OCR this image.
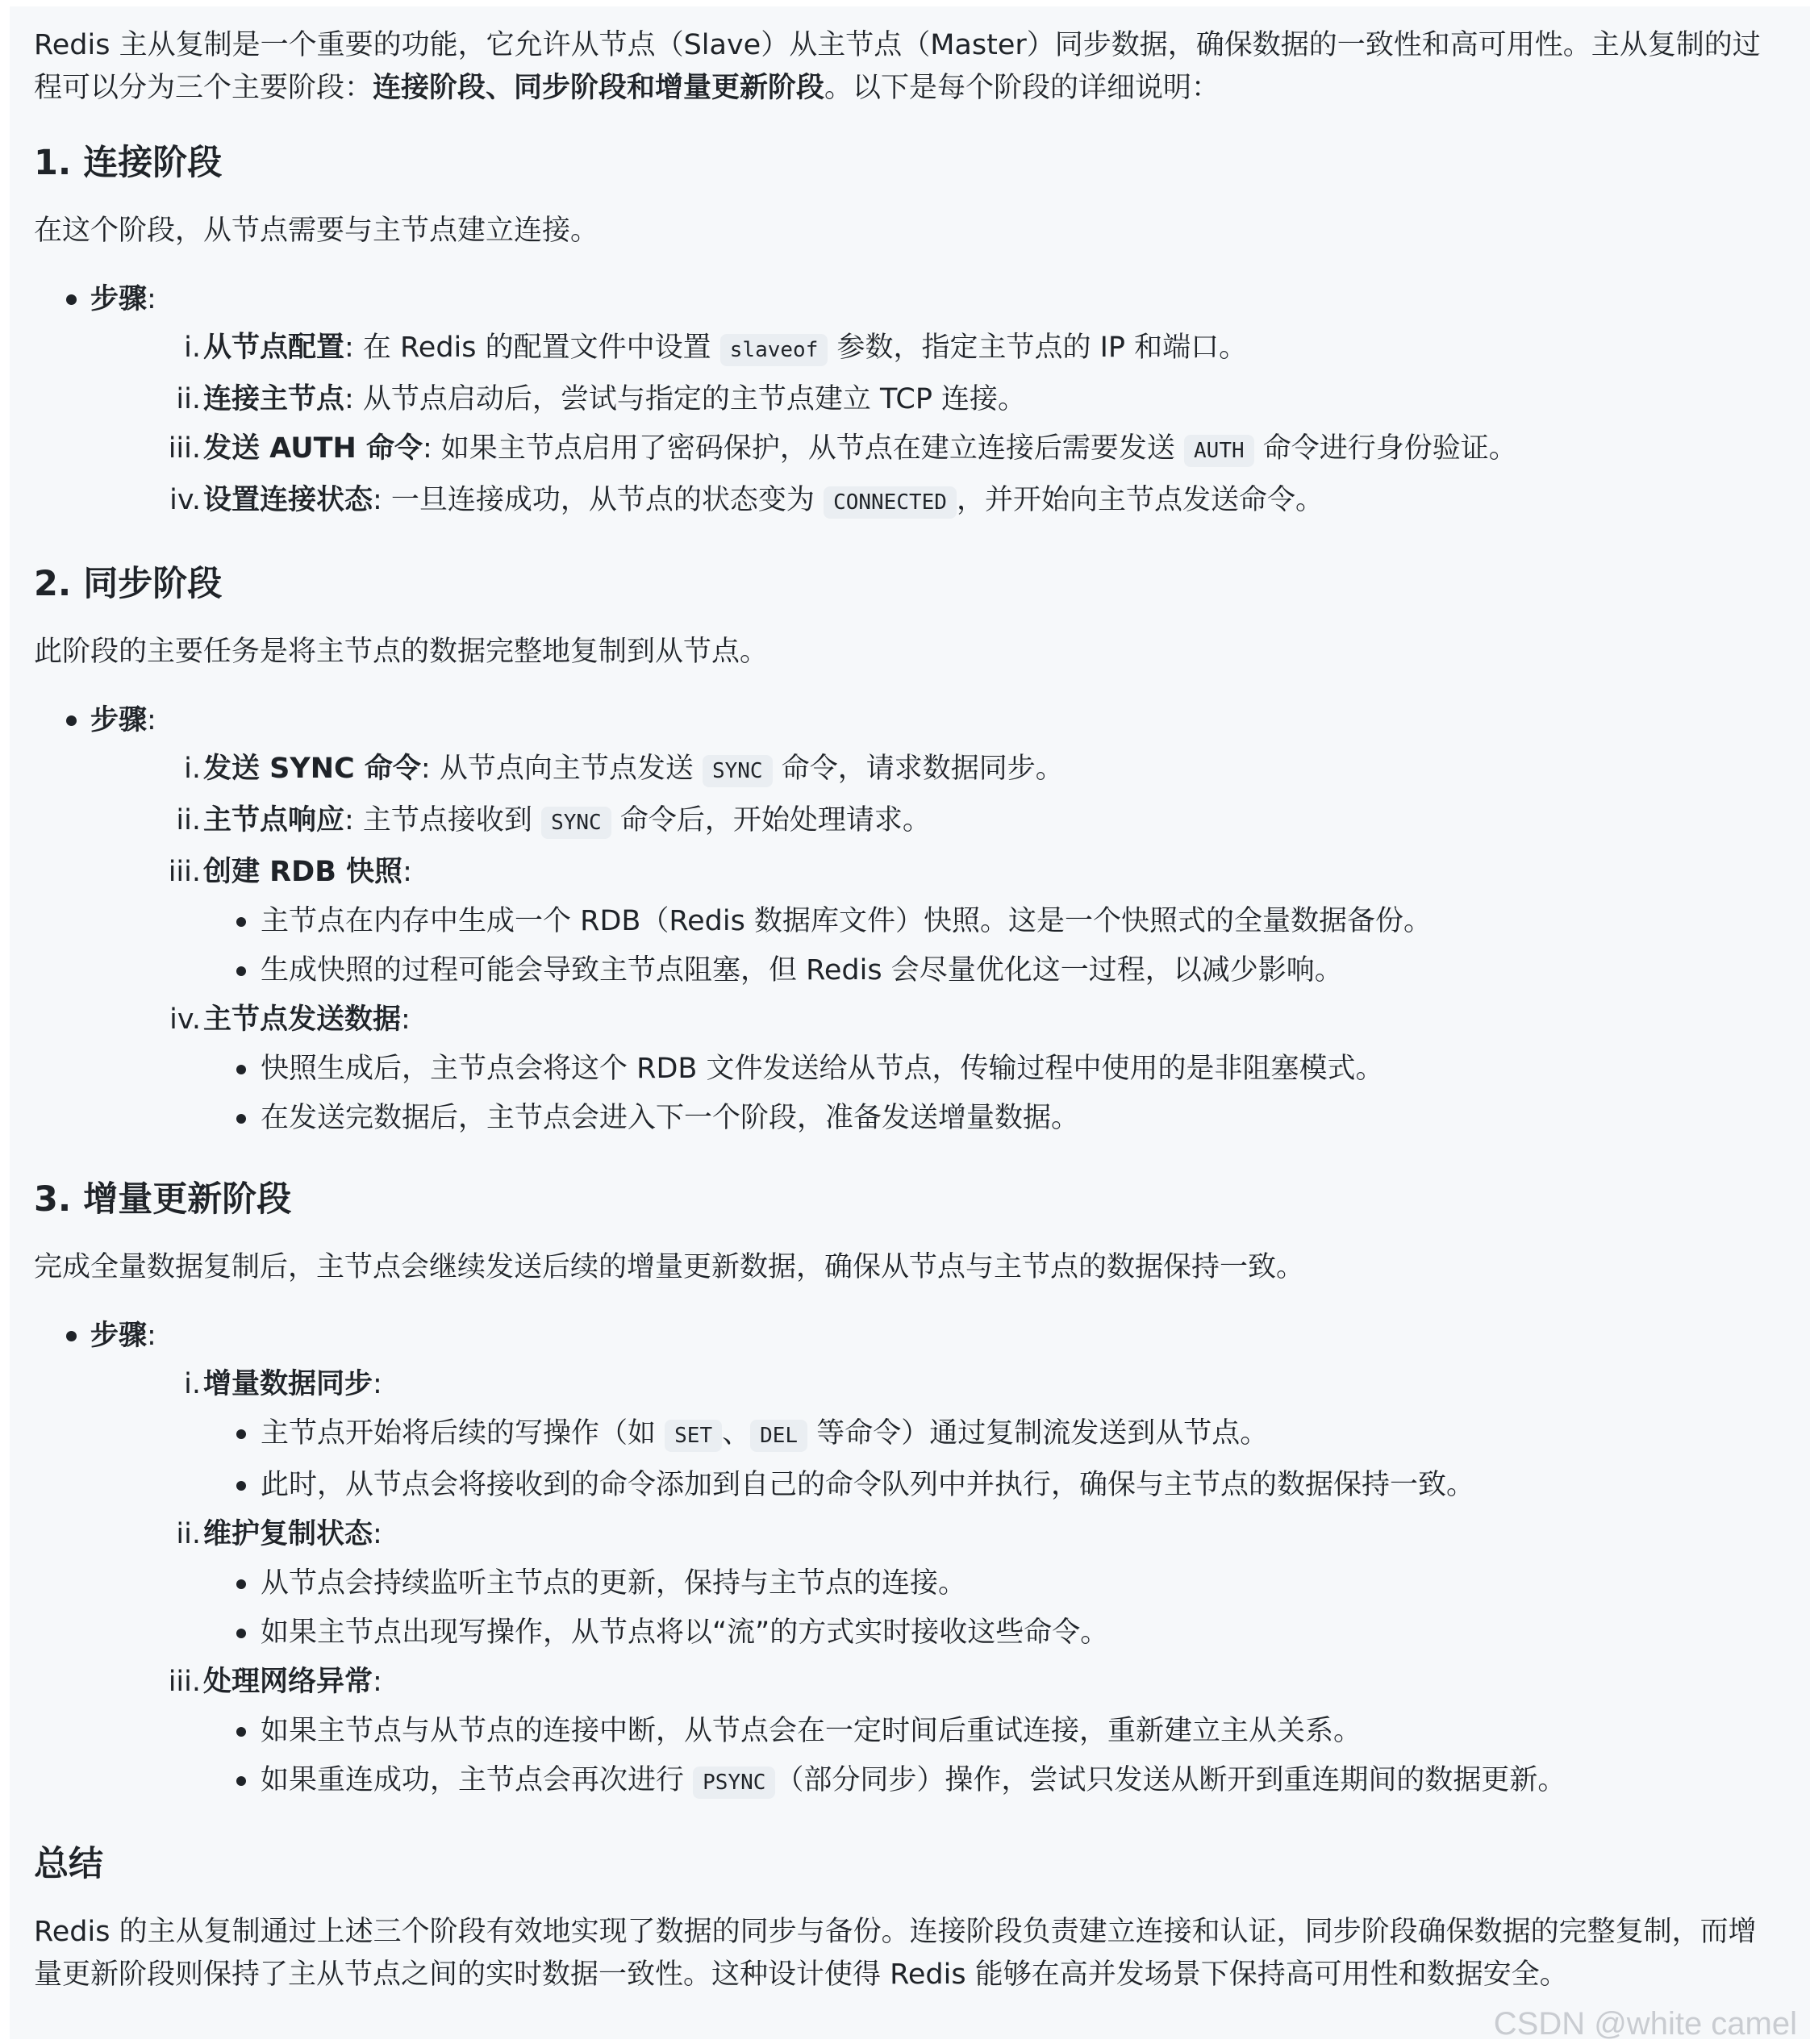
Redis 主从复制是一个重要的功能，它允许从节点（Slave）从主节点（Master）同步数据，确保数据的一致性和高可用性。主从复制的过程可以分为三个主要阶段：连接阶段、同步阶段和增量更新阶段。以下是每个阶段的详细说明：

1. 连接阶段

在这个阶段，从节点需要与主节点建立连接。

步骤:
i. 从节点配置: 在 Redis 的配置文件中设置 slaveof 参数，指定主节点的 IP 和端口。
ii. 连接主节点: 从节点启动后，尝试与指定的主节点建立 TCP 连接。
iii. 发送 AUTH 命令: 如果主节点启用了密码保护，从节点在建立连接后需要发送 AUTH 命令进行身份验证。
iv. 设置连接状态: 一旦连接成功，从节点的状态变为 CONNECTED ，并开始向主节点发送命令。
2. 同步阶段

此阶段的主要任务是将主节点的数据完整地复制到从节点。

步骤:
i. 发送 SYNC 命令: 从节点向主节点发送 SYNC 命令，请求数据同步。
ii. 主节点响应: 主节点接收到 SYNC 命令后，开始处理请求。
iii. 创建 RDB 快照:
主节点在内存中生成一个 RDB（Redis 数据库文件）快照。这是一个快照式的全量数据备份。
生成快照的过程可能会导致主节点阻塞，但 Redis 会尽量优化这一过程，以减少影响。
iv. 主节点发送数据:
快照生成后，主节点会将这个 RDB 文件发送给从节点，传输过程中使用的是非阻塞模式。
在发送完数据后，主节点会进入下一个阶段，准备发送增量数据。
3. 增量更新阶段

完成全量数据复制后，主节点会继续发送后续的增量更新数据，确保从节点与主节点的数据保持一致。

步骤:
i. 增量数据同步:
主节点开始将后续的写操作（如 SET 、 DEL 等命令）通过复制流发送到从节点。
此时，从节点会将接收到的命令添加到自己的命令队列中并执行，确保与主节点的数据保持一致。
ii. 维护复制状态:
从节点会持续监听主节点的更新，保持与主节点的连接。
如果主节点出现写操作，从节点将以“流”的方式实时接收这些命令。
iii. 处理网络异常:
如果主节点与从节点的连接中断，从节点会在一定时间后重试连接，重新建立主从关系。
如果重连成功，主节点会再次进行 PSYNC （部分同步）操作，尝试只发送从断开到重连期间的数据更新。
总结

Redis 的主从复制通过上述三个阶段有效地实现了数据的同步与备份。连接阶段负责建立连接和认证，同步阶段确保数据的完整复制，而增量更新阶段则保持了主从节点之间的实时数据一致性。这种设计使得 Redis 能够在高并发场景下保持高可用性和数据安全。

CSDN @white camel
